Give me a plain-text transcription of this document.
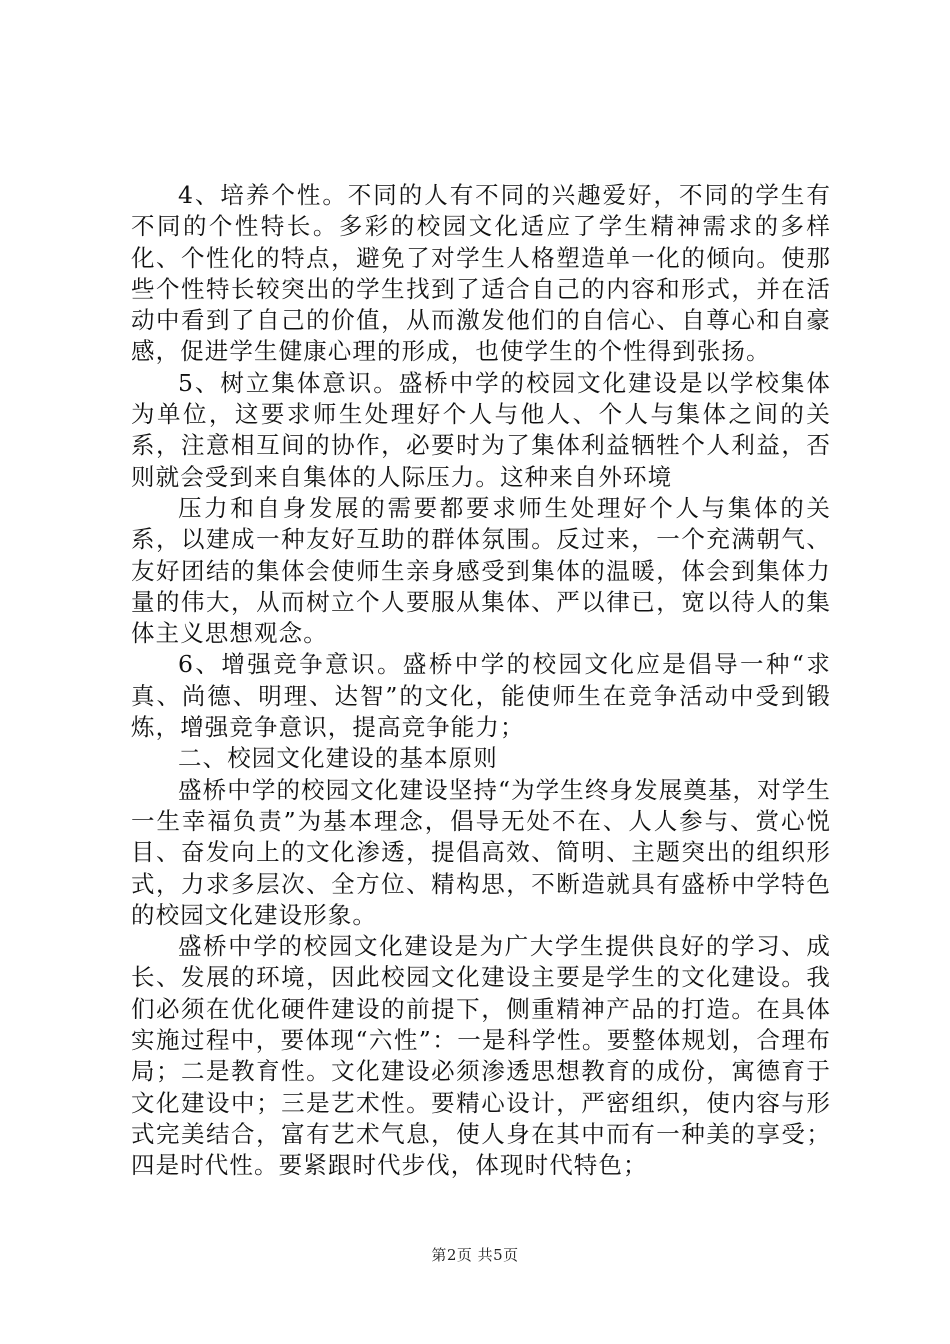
4、培养个性。不同的人有不同的兴趣爱好，不同的学生有不同的个性特长。多彩的校园文化适应了学生精神需求的多样化、个性化的特点，避免了对学生人格塑造单一化的倾向。使那些个性特长较突出的学生找到了适合自己的内容和形式，并在活动中看到了自己的价值，从而激发他们的自信心、自尊心和自豪感，促进学生健康心理的形成，也使学生的个性得到张扬。

5、树立集体意识。盛桥中学的校园文化建设是以学校集体为单位，这要求师生处理好个人与他人、个人与集体之间的关系，注意相互间的协作，必要时为了集体利益牺牲个人利益，否则就会受到来自集体的人际压力。这种来自外环境

压力和自身发展的需要都要求师生处理好个人与集体的关系，以建成一种友好互助的群体氛围。反过来，一个充满朝气、友好团结的集体会使师生亲身感受到集体的温暖，体会到集体力量的伟大，从而树立个人要服从集体、严以律已，宽以待人的集体主义思想观念。

6、增强竞争意识。盛桥中学的校园文化应是倡导一种“求真、尚德、明理、达智”的文化，能使师生在竞争活动中受到锻炼，增强竞争意识，提高竞争能力；

二、校园文化建设的基本原则

盛桥中学的校园文化建设坚持“为学生终身发展奠基，对学生一生幸福负责”为基本理念，倡导无处不在、人人参与、赏心悦目、奋发向上的文化渗透，提倡高效、简明、主题突出的组织形式，力求多层次、全方位、精构思，不断造就具有盛桥中学特色的校园文化建设形象。

盛桥中学的校园文化建设是为广大学生提供良好的学习、成长、发展的环境，因此校园文化建设主要是学生的文化建设。我们必须在优化硬件建设的前提下，侧重精神产品的打造。在具体实施过程中，要体现“六性”：一是科学性。要整体规划，合理布局；二是教育性。文化建设必须渗透思想教育的成份，寓德育于文化建设中；三是艺术性。要精心设计，严密组织，使内容与形式完美结合，富有艺术气息，使人身在其中而有一种美的享受；四是时代性。要紧跟时代步伐，体现时代特色；

第2页 共5页
